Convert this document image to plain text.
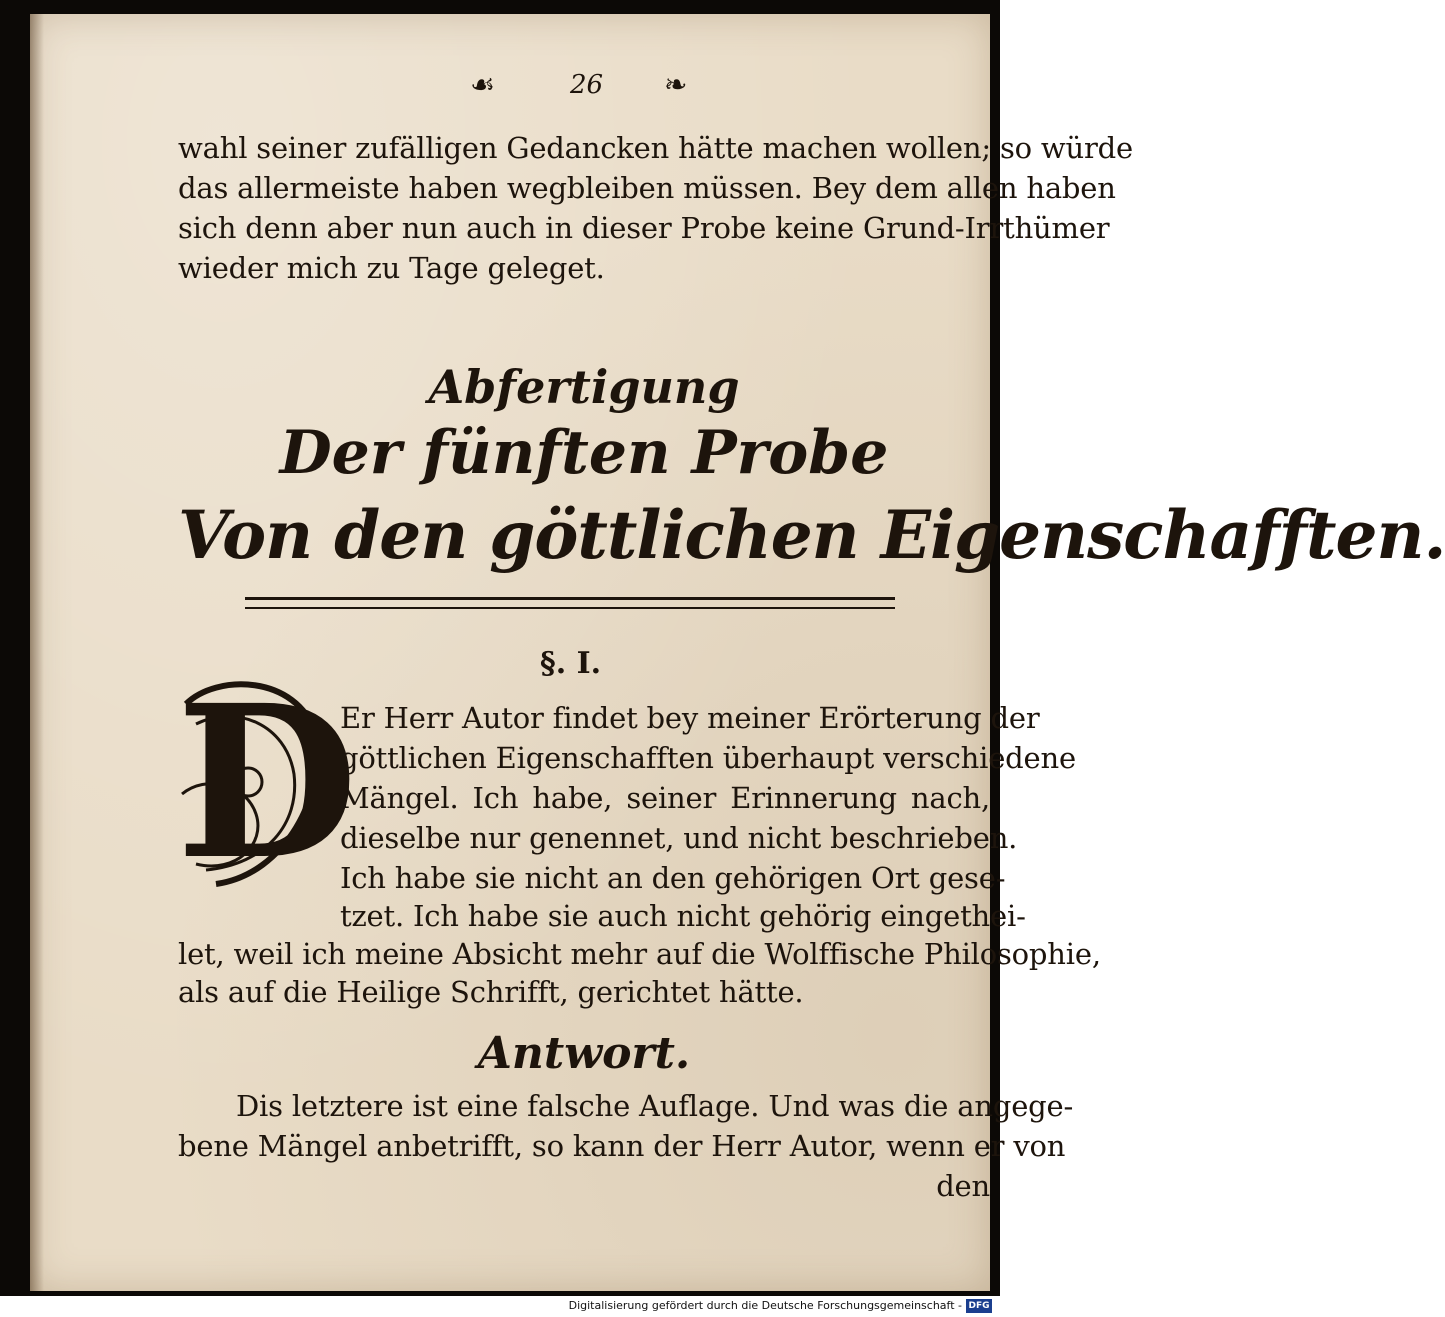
☙	26 ❧
wahl seiner zufälligen Gedancken hätte machen wollen; so würde
das allermeiste haben wegbleiben müssen. Bey dem allen haben
sich denn aber nun auch in dieser Probe keine Grund-Irrthümer
wieder mich zu Tage geleget.
Abfertigung
Der fünften Probe
Von den göttlichen Eigenschafften.
§. I.
D
Er Herr Autor findet bey meiner Erörterung der
göttlichen Eigenschafften überhaupt verschiedene
Mängel. Ich habe, seiner Erinnerung nach,
dieselbe nur genennet, und nicht beschrieben.
Ich habe sie nicht an den gehörigen Ort gese-
tzet. Ich habe sie auch nicht gehörig eingethei-
let, weil ich meine Absicht mehr auf die Wolffische Philosophie,
als auf die Heilige Schrifft, gerichtet hätte.
Antwort.
Dis letztere ist eine falsche Auflage. Und was die angege-
bene Mängel anbetrifft, so kann der Herr Autor, wenn er von
den
Digitalisierung gefördert durch die Deutsche Forschungsgemeinschaft - DFG
